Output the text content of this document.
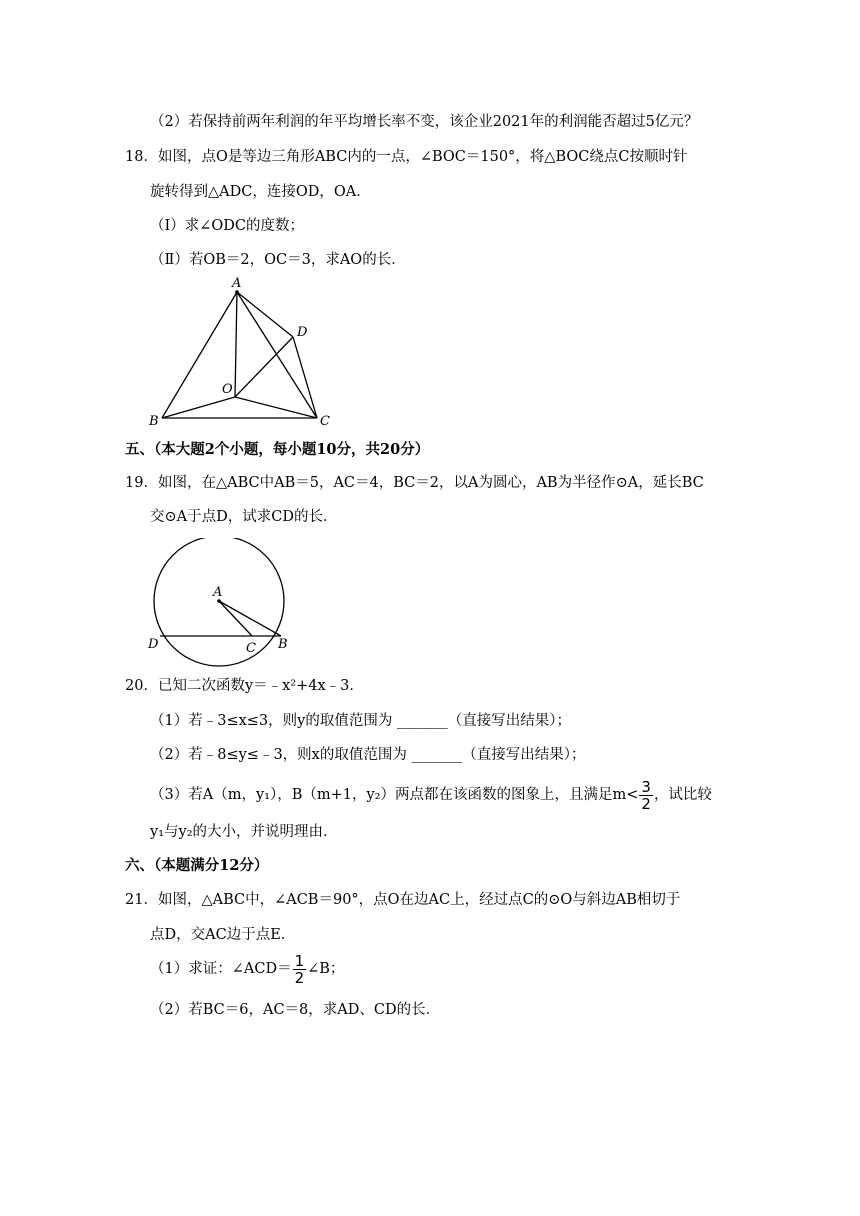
（2）若保持前两年利润的年平均增长率不变，该企业2021年的利润能否超过5亿元？
18．如图，点O是等边三角形ABC内的一点，∠BOC＝150°，将△BOC绕点C按顺时针
旋转得到△ADC，连接OD，OA．
（Ⅰ）求∠ODC的度数；
（Ⅱ）若OB＝2，OC＝3，求AO的长．
A
D
O
B	C
五、（本大题2个小题，每小题10分，共20分）
19．如图，在△ABC中AB＝5，AC＝4，BC＝2，以A为圆心，AB为半径作⊙A，延长BC
交⊙A于点D，试求CD的长．
A
D	C B
20．已知二次函数y＝﹣x²+4x﹣3．
（1）若﹣3≤x≤3，则y的取值范围为 _______（直接写出结果）；
（2）若﹣8≤y≤﹣3，则x的取值范围为 _______（直接写出结果）；
（3）若A（m，y₁），B（m+1，y₂）两点都在该函数的图象上，且满足$m< \frac{3}{2}$ ，试比较
y₁与y₂的大小，并说明理由．
六、（本题满分12分）
21．如图，△ABC中，∠ACB＝90°，点O在边AC上，经过点C的⊙O与斜边AB相切于
点D，交AC边于点E．
（1）求证：∠ACD＝ $\frac{1}{2}$ ∠B；
（2）若BC＝6，AC＝8，求AD、CD的长．
